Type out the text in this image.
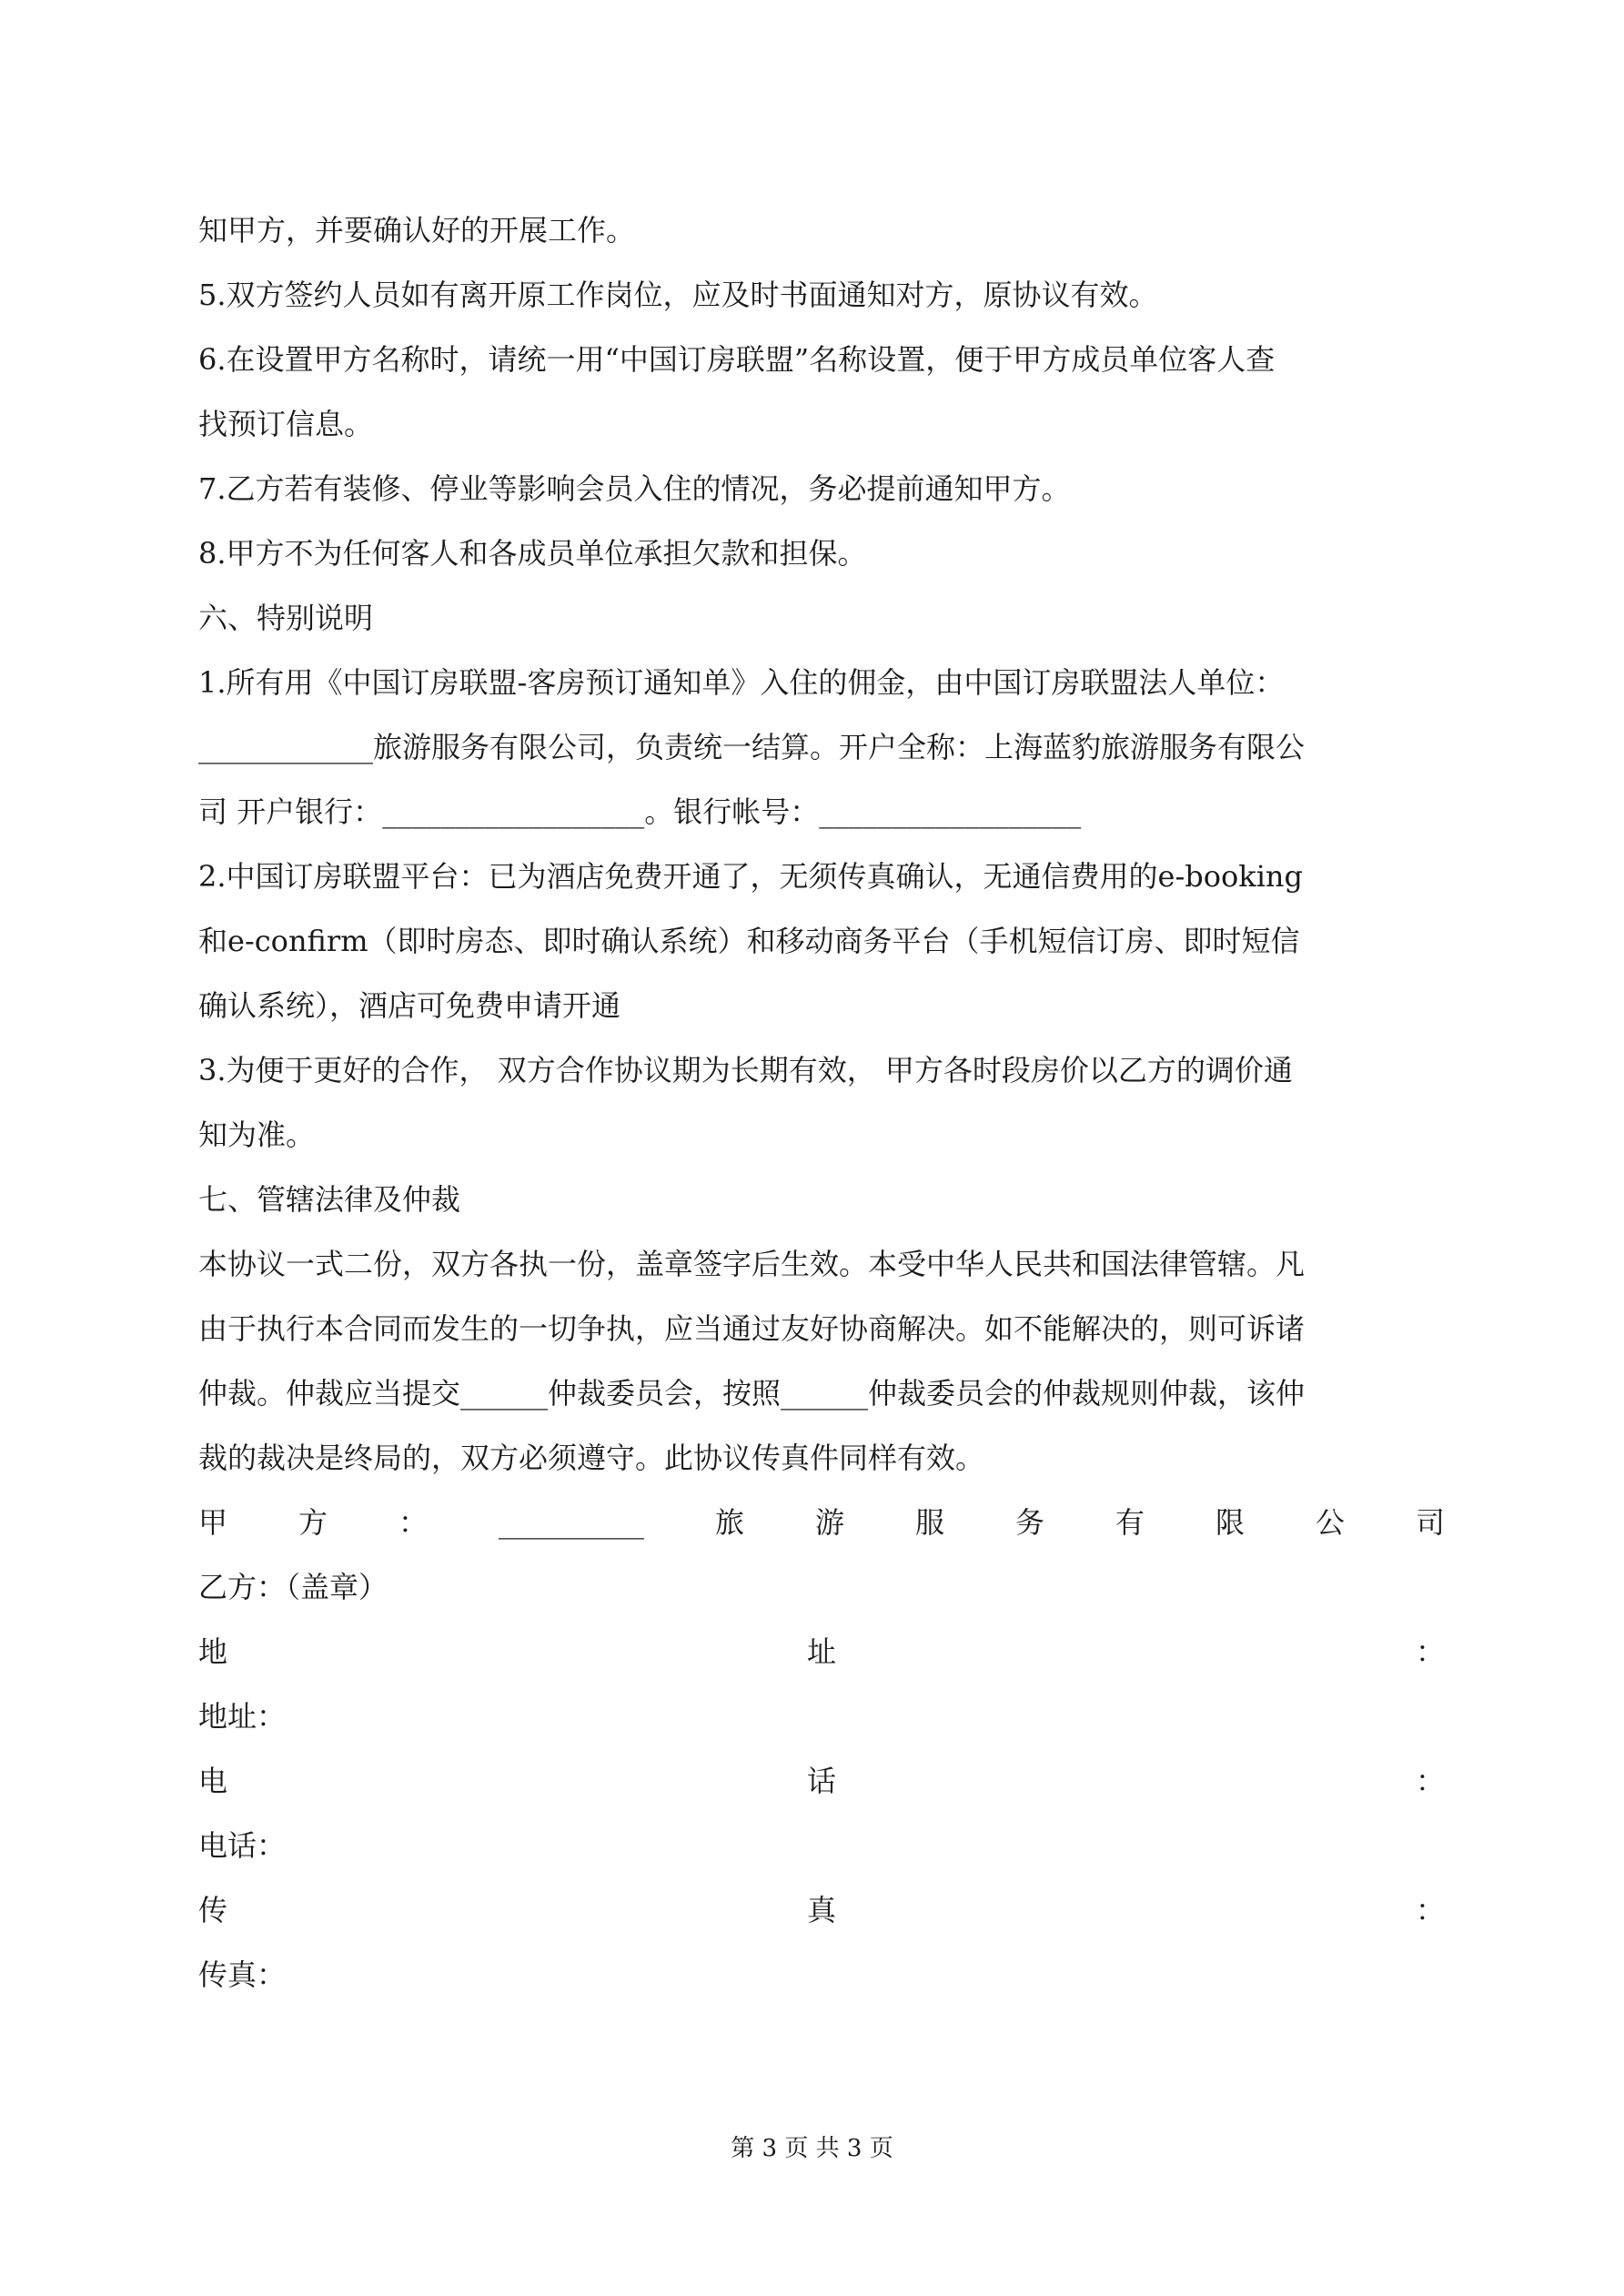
知甲方，并要确认好的开展工作。
5.双方签约人员如有离开原工作岗位，应及时书面通知对方，原协议有效。
6.在设置甲方名称时，请统一用“中国订房联盟”名称设置，便于甲方成员单位客人查
找预订信息。
7.乙方若有装修、停业等影响会员入住的情况，务必提前通知甲方。
8.甲方不为任何客人和各成员单位承担欠款和担保。
六、特别说明
1.所有用《中国订房联盟-客房预订通知单》入住的佣金，由中国订房联盟法人单位：
____________旅游服务有限公司，负责统一结算。开户全称：上海蓝豹旅游服务有限公
司 开户银行：__________________。银行帐号：__________________
2.中国订房联盟平台：已为酒店免费开通了，无须传真确认，无通信费用的e-booking
和e-confirm（即时房态、即时确认系统）和移动商务平台（手机短信订房、即时短信
确认系统），酒店可免费申请开通
3.为便于更好的合作， 双方合作协议期为长期有效， 甲方各时段房价以乙方的调价通
知为准。
七、管辖法律及仲裁
本协议一式二份，双方各执一份，盖章签字后生效。本受中华人民共和国法律管辖。凡
由于执行本合同而发生的一切争执，应当通过友好协商解决。如不能解决的，则可诉诸
仲裁。仲裁应当提交______仲裁委员会，按照______仲裁委员会的仲裁规则仲裁，该仲
裁的裁决是终局的，双方必须遵守。此协议传真件同样有效。
甲 方 ： __________ 旅 游 服 务 有 限 公 司
乙方：（盖章）
地	址	：
地址：
电	话	：
电话：
传	真	：
传真：
第 3 页 共 3 页
